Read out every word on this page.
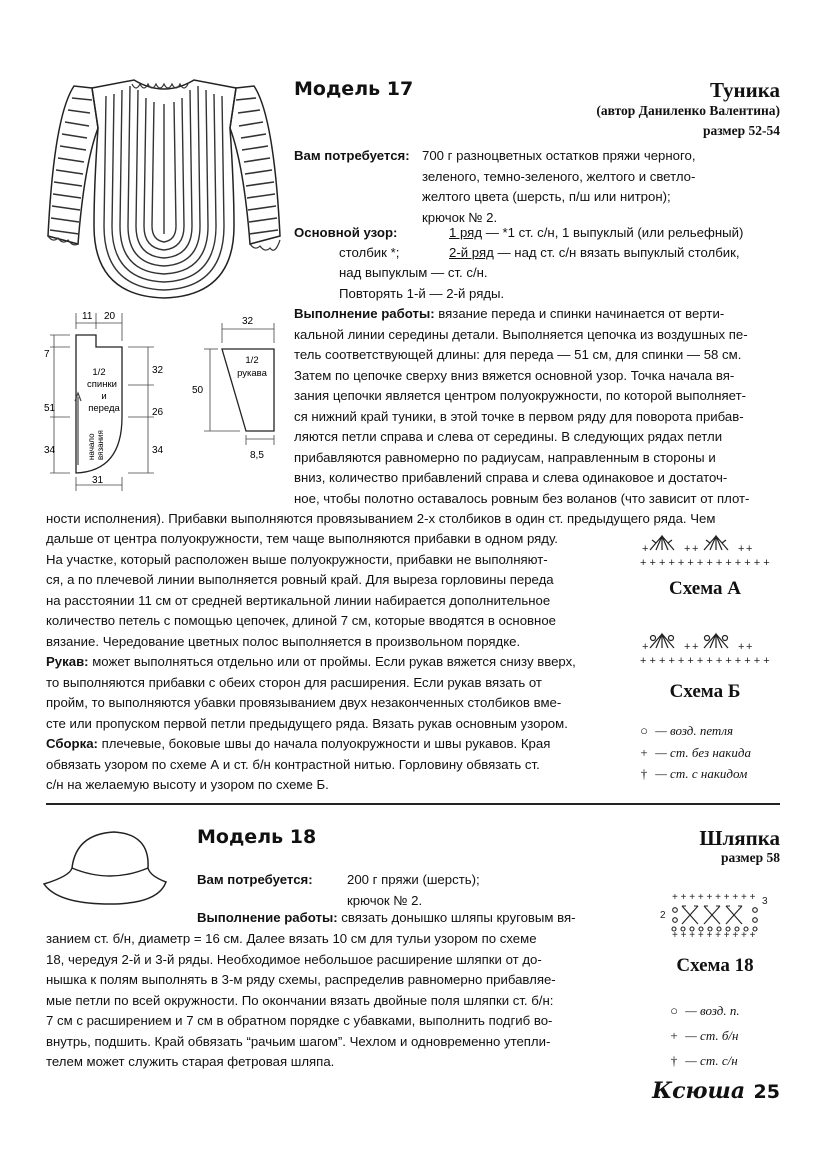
11 20
7
51
34
32
26
34
31
1/2
спинки
и
переда
начало вязания
32
50
8,5
1/2
рукава
Модель 17	Туника
(автор Даниленко Валентина)
размер 52-54
Вам потребуется: 700 г разноцветных остатков пряжи черного,
зеленого, темно-зеленого, желтого и светло-
желтого цвета (шерсть, п/ш или нитрон);
крючок № 2.
Основной узор:	1 ряд — *1 ст. с/н, 1 выпуклый (или рельефный)
столбик *;	2-й ряд — над ст. с/н вязать выпуклый столбик,
над выпуклым — ст. с/н.
Повторять 1-й — 2-й ряды.
Выполнение работы: вязание переда и спинки начинается от верти-
кальной линии середины детали. Выполняется цепочка из воздушных пе-
тель соответствующей длины: для переда — 51 см, для спинки — 58 см.
Затем по цепочке сверху вниз вяжется основной узор. Точка начала вя-
зания цепочки является центром полуокружности, по которой выполняет-
ся нижний край туники, в этой точке в первом ряду для поворота прибав-
ляются петли справа и слева от середины. В следующих рядах петли
прибавляются равномерно по радиусам, направленным в стороны и
вниз, количество прибавлений справа и слева одинаковое и достаточ-
ное, чтобы полотно оставалось ровным без воланов (что зависит от плот-
ности исполнения). Прибавки выполняются провязыванием 2-х столбиков в один ст. предыдущего ряда. Чем
дальше от центра полуокружности, тем чаще выполняются прибавки в одном ряду.
На участке, который расположен выше полуокружности, прибавки не выполняют-
ся, а по плечевой линии выполняется ровный край. Для выреза горловины переда
на расстоянии 11 см от средней вертикальной линии набирается дополнительное
количество петель с помощью цепочек, длиной 7 см, которые вводятся в основное
вязание. Чередование цветных полос выполняется в произвольном порядке.
Рукав: может выполняться отдельно или от проймы. Если рукав вяжется снизу вверх,
то выполняются прибавки с обеих сторон для расширения. Если рукав вязать от
пройм, то выполняются убавки провязыванием двух незаконченных столбиков вме-
сте или пропуском первой петли предыдущего ряда. Вязать рукав основным узором.
Сборка: плечевые, боковые швы до начала полуокружности и швы рукавов. Края
обвязать узором по схеме А и ст. б/н контрастной нитью. Горловину обвязать ст.
с/н на желаемую высоту и узором по схеме Б.
+	+ +	+ +
+ + + + + + + + + + + + + +
Схема А
+	+ +	+ +
+ + + + + + + + + + + + + +
Схема Б
○ — возд. петля
+ — ст. без накида
† — ст. с накидом
Модель 18	Шляпка
размер 58
Вам потребуется:	200 г пряжи (шерсть);
крючок № 2.
Выполнение работы: связать донышко шляпы круговым вя-
занием ст. б/н, диаметр = 16 см. Далее вязать 10 см для тульи узором по схеме
18, чередуя 2-й и 3-й ряды. Необходимое небольшое расширение шляпки от до-
нышка к полям выполнять в 3-м ряду схемы, распределив равномерно прибавляе-
мые петли по всей окружности. По окончании вязать двойные поля шляпки ст. б/н:
7 см с расширением и 7 см в обратном порядке с убавками, выполнить подгиб во-
внутрь, подшить. Край обвязать “рачьим шагом”. Чехлом и одновременно утепли-
телем может служить старая фетровая шляпа.
+ + + + + + + + + +
2
3
+ + + + + + + + + +
Схема 18
○ — возд. п.
+ — ст. б/н
† — ст. с/н
Ксюша 25
